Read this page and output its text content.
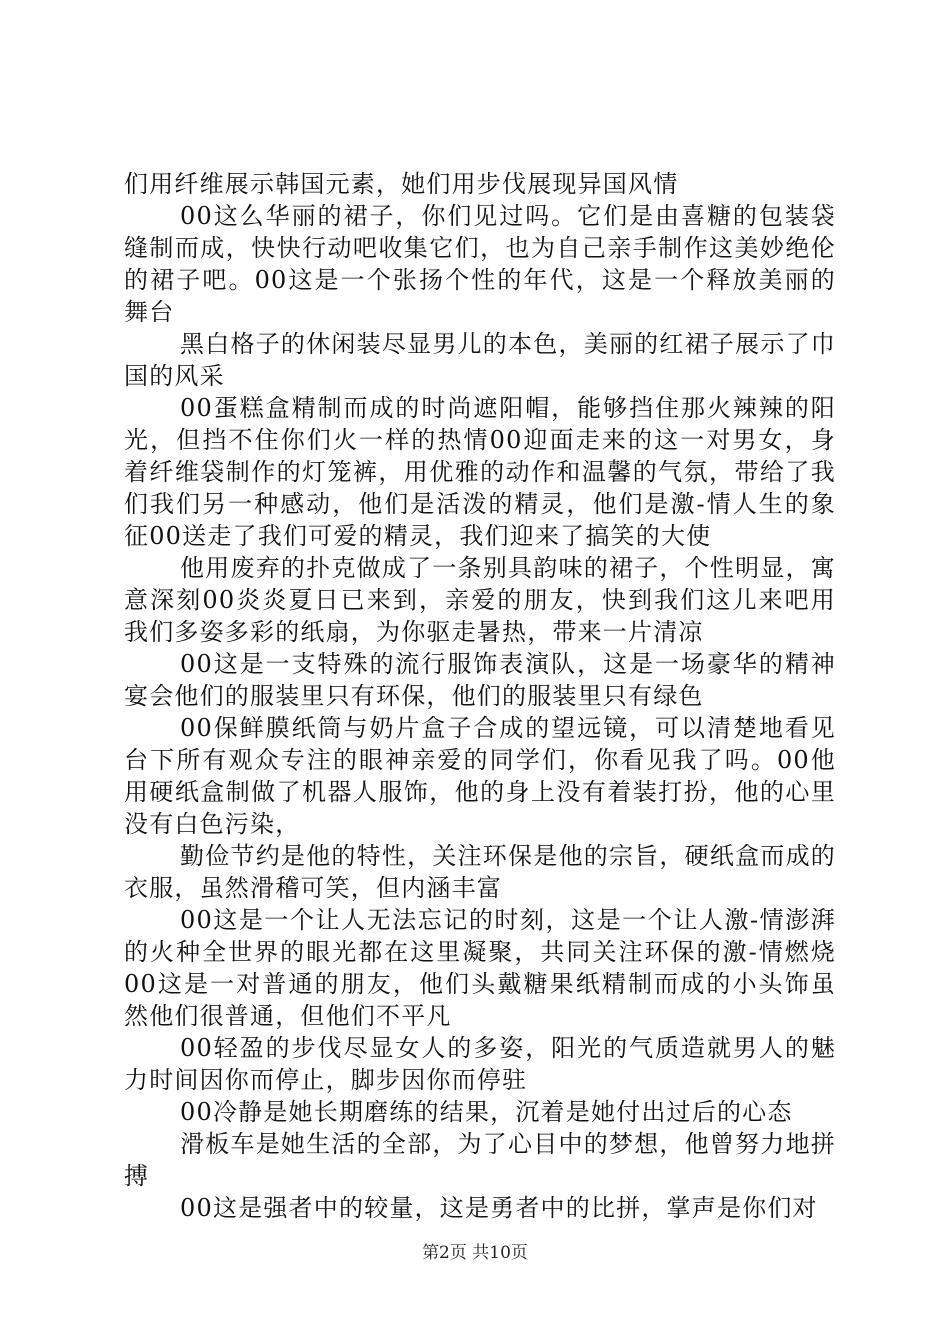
们用纤维展示韩国元素，她们用步伐展现异国风情

00这么华丽的裙子，你们见过吗。它们是由喜糖的包装袋缝制而成，快快行动吧收集它们，也为自己亲手制作这美妙绝伦的裙子吧。00这是一个张扬个性的年代，这是一个释放美丽的舞台

黑白格子的休闲装尽显男儿的本色，美丽的红裙子展示了巾国的风采

00蛋糕盒精制而成的时尚遮阳帽，能够挡住那火辣辣的阳光，但挡不住你们火一样的热情00迎面走来的这一对男女，身着纤维袋制作的灯笼裤，用优雅的动作和温馨的气氛，带给了我们我们另一种感动，他们是活泼的精灵，他们是激-情人生的象征00送走了我们可爱的精灵，我们迎来了搞笑的大使

他用废弃的扑克做成了一条别具韵味的裙子，个性明显，寓意深刻00炎炎夏日已来到，亲爱的朋友，快到我们这儿来吧用我们多姿多彩的纸扇，为你驱走暑热，带来一片清凉

00这是一支特殊的流行服饰表演队，这是一场豪华的精神宴会他们的服装里只有环保，他们的服装里只有绿色

00保鲜膜纸筒与奶片盒子合成的望远镜，可以清楚地看见台下所有观众专注的眼神亲爱的同学们，你看见我了吗。00他用硬纸盒制做了机器人服饰，他的身上没有着装打扮，他的心里没有白色污染，

勤俭节约是他的特性，关注环保是他的宗旨，硬纸盒而成的衣服，虽然滑稽可笑，但内涵丰富

00这是一个让人无法忘记的时刻，这是一个让人激-情澎湃的火种全世界的眼光都在这里凝聚，共同关注环保的激-情燃烧00这是一对普通的朋友，他们头戴糖果纸精制而成的小头饰虽然他们很普通，但他们不平凡

00轻盈的步伐尽显女人的多姿，阳光的气质造就男人的魅力时间因你而停止，脚步因你而停驻

00冷静是她长期磨练的结果，沉着是她付出过后的心态

滑板车是她生活的全部，为了心目中的梦想，他曾努力地拼搏

00这是强者中的较量，这是勇者中的比拼，掌声是你们对

第2页 共10页
